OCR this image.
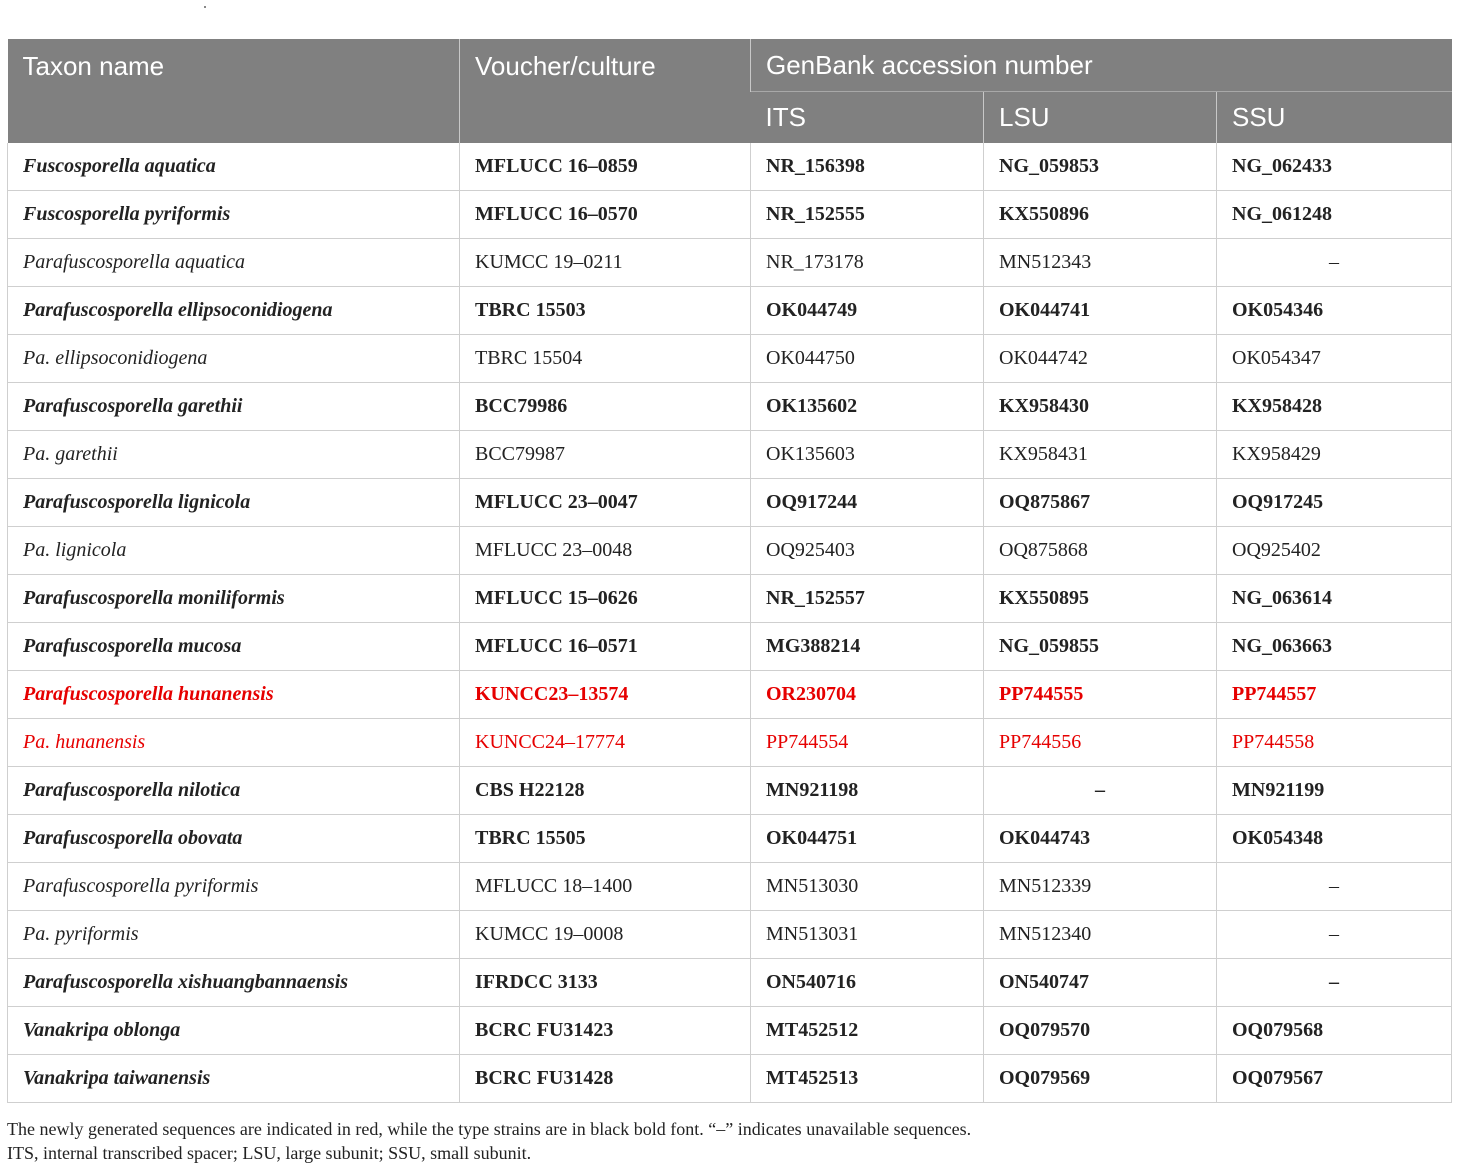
Taxon name	Voucher/culture	GenBank accession number		
		ITS	LSU	SSU
Fuscosporella aquatica	MFLUCC 16–0859	NR_156398	NG_059853	NG_062433
Fuscosporella pyriformis	MFLUCC 16–0570	NR_152555	KX550896	NG_061248
Parafuscosporella aquatica	KUMCC 19–0211	NR_173178	MN512343	–
Parafuscosporella ellipsoconidiogena	TBRC 15503	OK044749	OK044741	OK054346
Pa. ellipsoconidiogena	TBRC 15504	OK044750	OK044742	OK054347
Parafuscosporella garethii	BCC79986	OK135602	KX958430	KX958428
Pa. garethii	BCC79987	OK135603	KX958431	KX958429
Parafuscosporella lignicola	MFLUCC 23–0047	OQ917244	OQ875867	OQ917245
Pa. lignicola	MFLUCC 23–0048	OQ925403	OQ875868	OQ925402
Parafuscosporella moniliformis	MFLUCC 15–0626	NR_152557	KX550895	NG_063614
Parafuscosporella mucosa	MFLUCC 16–0571	MG388214	NG_059855	NG_063663
Parafuscosporella hunanensis	KUNCC23–13574	OR230704	PP744555	PP744557
Pa. hunanensis	KUNCC24–17774	PP744554	PP744556	PP744558
Parafuscosporella nilotica	CBS H22128	MN921198	–	MN921199
Parafuscosporella obovata	TBRC 15505	OK044751	OK044743	OK054348
Parafuscosporella pyriformis	MFLUCC 18–1400	MN513030	MN512339	–
Pa. pyriformis	KUMCC 19–0008	MN513031	MN512340	–
Parafuscosporella xishuangbannaensis	IFRDCC 3133	ON540716	ON540747	–
Vanakripa oblonga	BCRC FU31423	MT452512	OQ079570	OQ079568
Vanakripa taiwanensis	BCRC FU31428	MT452513	OQ079569	OQ079567
The newly generated sequences are indicated in red, while the type strains are in black bold font. “–” indicates unavailable sequences.
ITS, internal transcribed spacer; LSU, large subunit; SSU, small subunit.
